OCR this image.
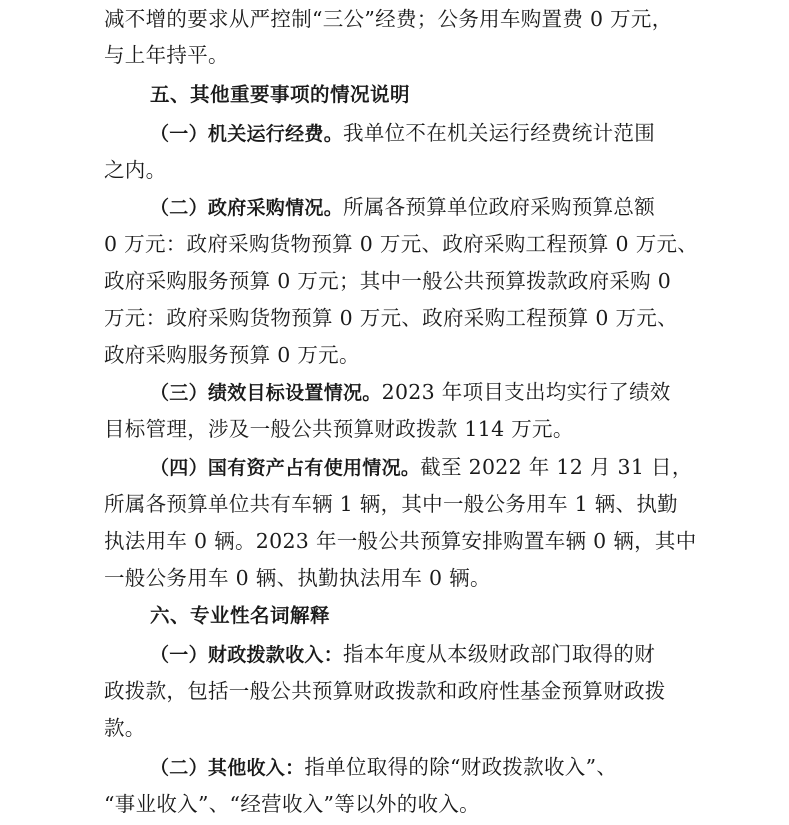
减不增的要求从严控制“三公”经费；公务用车购置费 0 万元，
与上年持平。
五、其他重要事项的情况说明
（一）机关运行经费。我单位不在机关运行经费统计范围
之内。
（二）政府采购情况。所属各预算单位政府采购预算总额
0 万元：政府采购货物预算 0 万元、政府采购工程预算 0 万元、
政府采购服务预算 0 万元；其中一般公共预算拨款政府采购 0
万元：政府采购货物预算 0 万元、政府采购工程预算 0 万元、
政府采购服务预算 0 万元。
（三）绩效目标设置情况。2023 年项目支出均实行了绩效
目标管理，涉及一般公共预算财政拨款 114 万元。
（四）国有资产占有使用情况。截至 2022 年 12 月 31 日，
所属各预算单位共有车辆 1 辆，其中一般公务用车 1 辆、执勤
执法用车 0 辆。2023 年一般公共预算安排购置车辆 0 辆，其中
一般公务用车 0 辆、执勤执法用车 0 辆。
六、专业性名词解释
（一）财政拨款收入：指本年度从本级财政部门取得的财
政拨款，包括一般公共预算财政拨款和政府性基金预算财政拨
款。
（二）其他收入：指单位取得的除“财政拨款收入”、
“事业收入”、“经营收入”等以外的收入。
